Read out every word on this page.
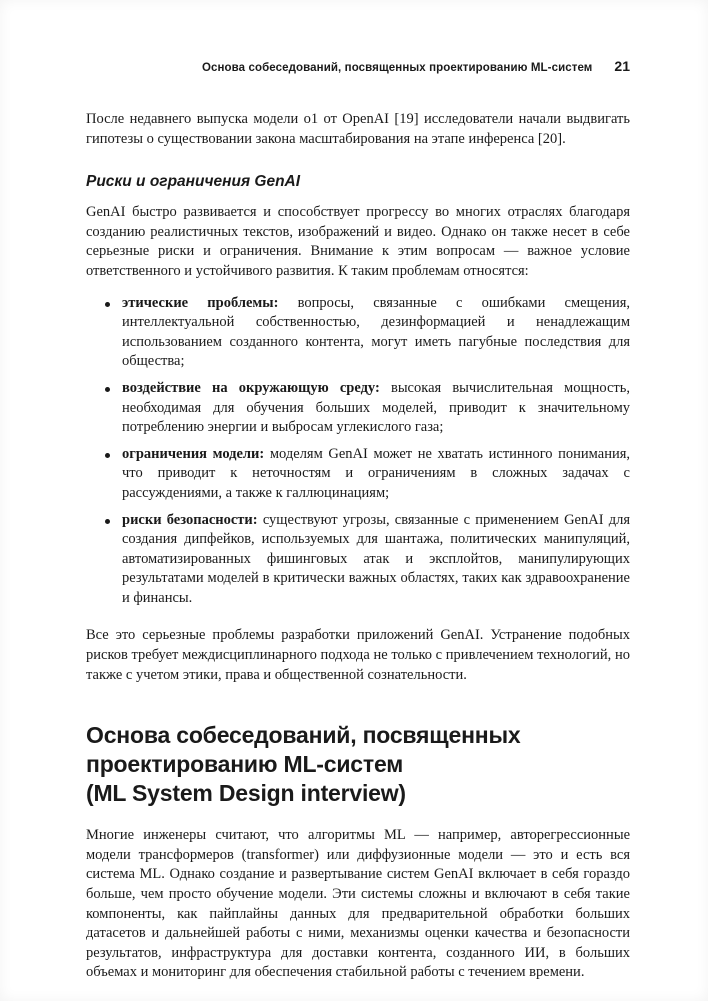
Основа собеседований, посвященных проектированию ML-систем 21

После недавнего выпуска модели o1 от OpenAI [19] исследователи начали выдвигать гипотезы о существовании закона масштабирования на этапе инференса [20].

Риски и ограничения GenAI

GenAI быстро развивается и способствует прогрессу во многих отраслях благодаря созданию реалистичных текстов, изображений и видео. Однако он также несет в себе серьезные риски и ограничения. Внимание к этим вопросам — важное условие ответственного и устойчивого развития. К таким проблемам относятся:

этические проблемы: вопросы, связанные с ошибками смещения, интеллектуальной собственностью, дезинформацией и ненадлежащим использованием созданного контента, могут иметь пагубные последствия для общества;
воздействие на окружающую среду: высокая вычислительная мощность, необходимая для обучения больших моделей, приводит к значительному потреблению энергии и выбросам углекислого газа;
ограничения модели: моделям GenAI может не хватать истинного понимания, что приводит к неточностям и ограничениям в сложных задачах с рассуждениями, а также к галлюцинациям;
риски безопасности: существуют угрозы, связанные с применением GenAI для создания дипфейков, используемых для шантажа, политических манипуляций, автоматизированных фишинговых атак и эксплойтов, манипулирующих результатами моделей в критически важных областях, таких как здравоохранение и финансы.

Все это серьезные проблемы разработки приложений GenAI. Устранение подобных рисков требует междисциплинарного подхода не только с привлечением технологий, но также с учетом этики, права и общественной сознательности.

Основа собеседований, посвященных
проектированию ML-систем
(ML System Design interview)

Многие инженеры считают, что алгоритмы ML — например, авторегрессионные модели трансформеров (transformer) или диффузионные модели — это и есть вся система ML. Однако создание и развертывание систем GenAI включает в себя гораздо больше, чем просто обучение модели. Эти системы сложны и включают в себя такие компоненты, как пайплайны данных для предварительной обработки больших датасетов и дальнейшей работы с ними, механизмы оценки качества и безопасности результатов, инфраструктура для доставки контента, созданного ИИ, в больших объемах и мониторинг для обеспечения стабильной работы с течением времени.
